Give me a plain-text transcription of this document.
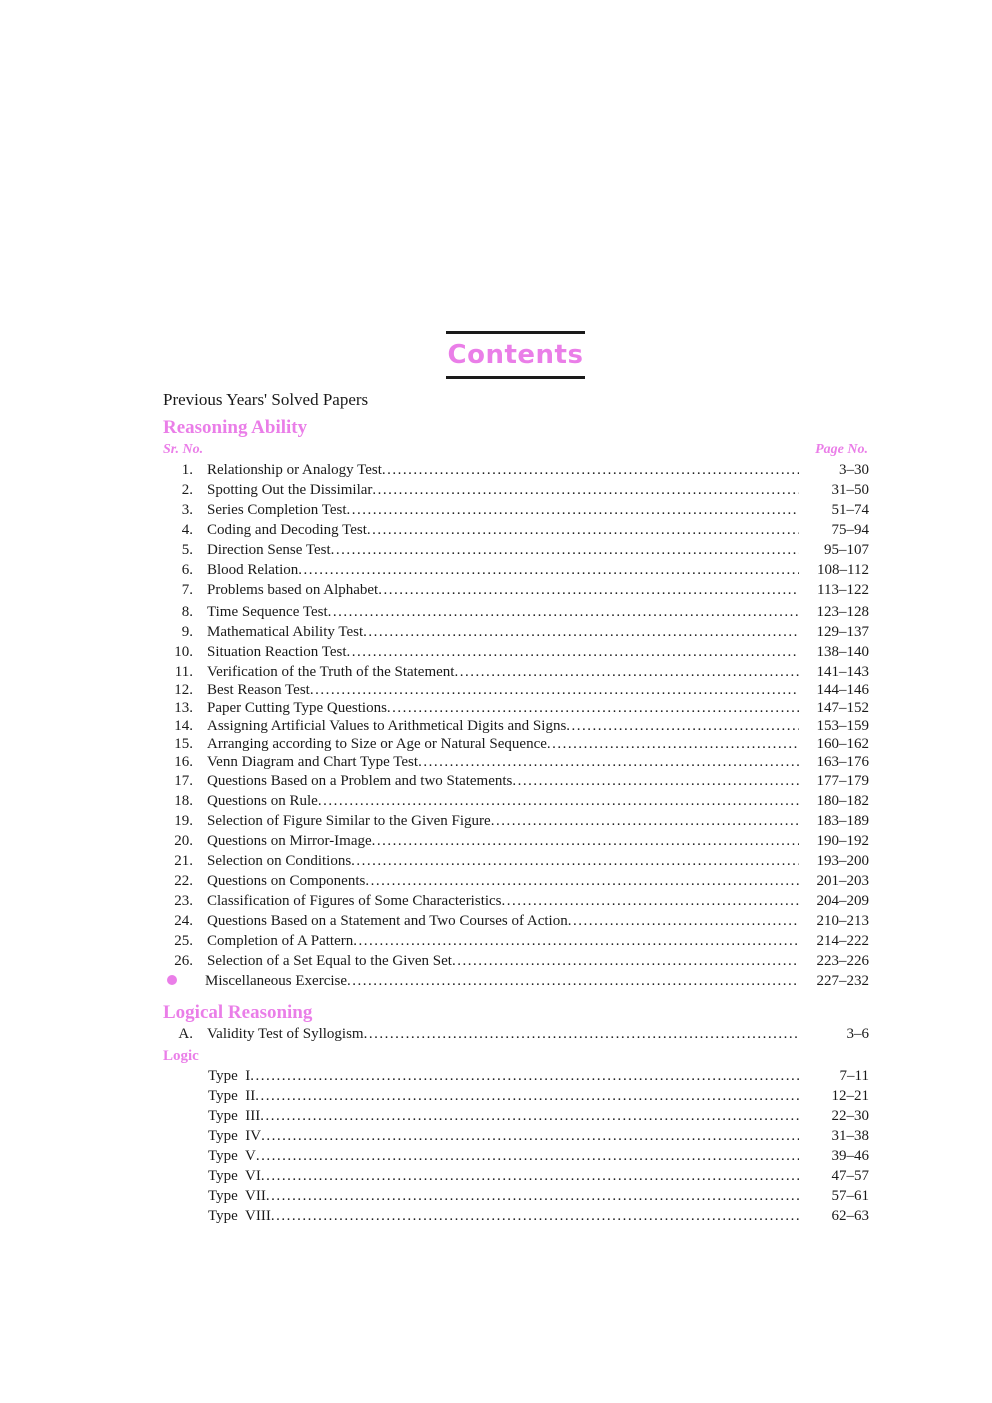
Contents
Previous Years' Solved Papers
Reasoning Ability
Sr. No.	Page No.
1. Relationship or Analogy Test .....	3–30
2. Spotting Out the Dissimilar .....	31–50
3. Series Completion Test .....	51–74
4. Coding and Decoding Test .....	75–94
5. Direction Sense Test .....	95–107
6. Blood Relation .....	108–112
7. Problems based on Alphabet .....	113–122
8. Time Sequence Test .....	123–128
9. Mathematical Ability Test .....	129–137
10. Situation Reaction Test .....	138–140
11. Verification of the Truth of the Statement .....	141–143
12. Best Reason Test .....	144–146
13. Paper Cutting Type Questions .....	147–152
14. Assigning Artificial Values to Arithmetical Digits and Signs .....	153–159
15. Arranging according to Size or Age or Natural Sequence .....	160–162
16. Venn Diagram and Chart Type Test .....	163–176
17. Questions Based on a Problem and two Statements .....	177–179
18. Questions on Rule .....	180–182
19. Selection of Figure Similar to the Given Figure .....	183–189
20. Questions on Mirror-Image .....	190–192
21. Selection on Conditions .....	193–200
22. Questions on Components .....	201–203
23. Classification of Figures of Some Characteristics .....	204–209
24. Questions Based on a Statement and Two Courses of Action .....	210–213
25. Completion of A Pattern .....	214–222
26. Selection of a Set Equal to the Given Set .....	223–226
Miscellaneous Exercise .....	227–232
Logical Reasoning
A. Validity Test of Syllogism .....	3–6
Logic
Type  I .....	7–11
Type  II .....	12–21
Type  III .....	22–30
Type  IV .....	31–38
Type  V .....	39–46
Type  VI .....	47–57
Type  VII .....	57–61
Type  VIII .....	62–63
